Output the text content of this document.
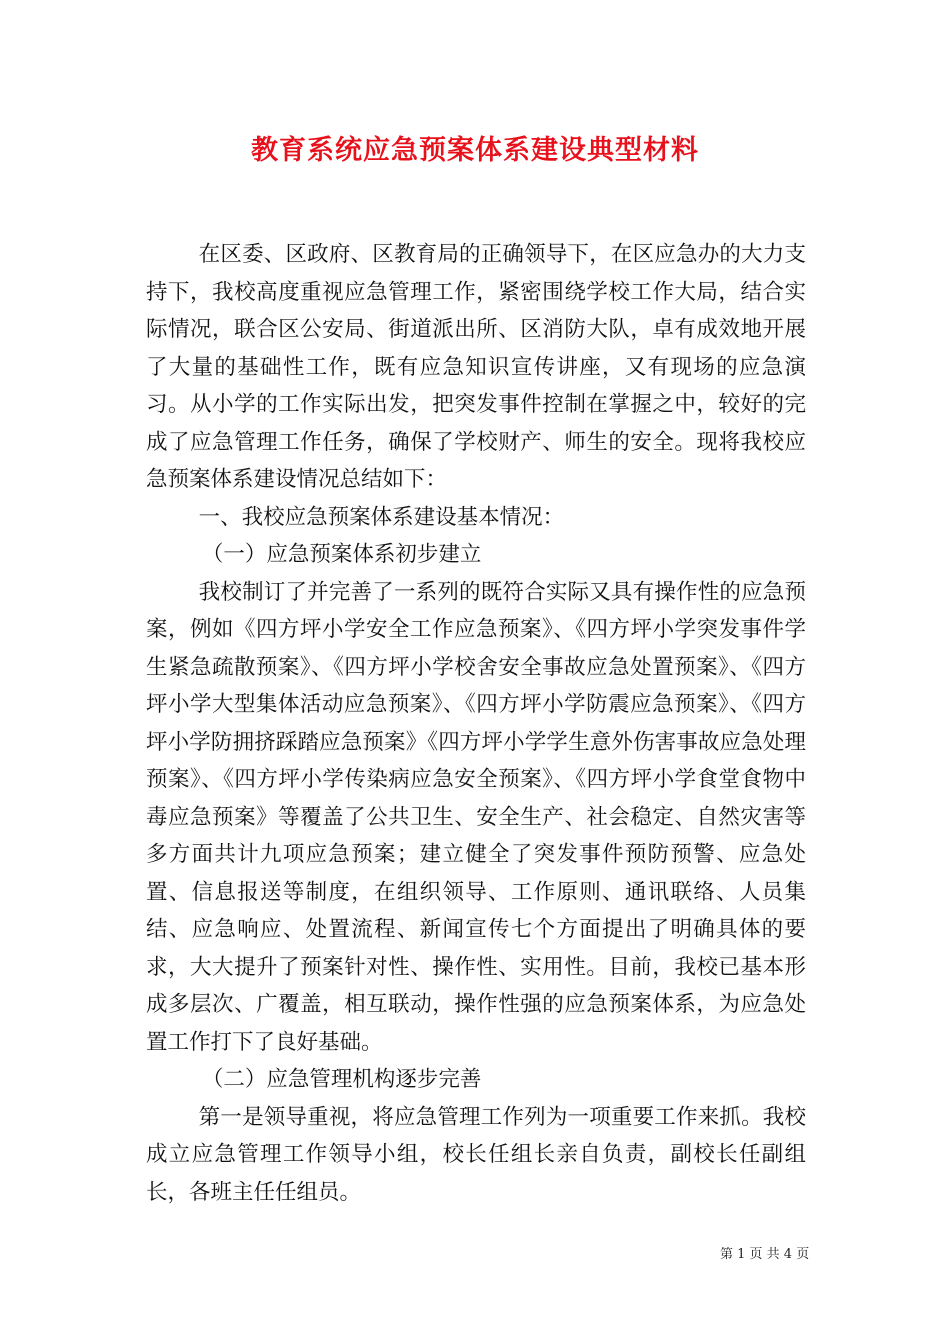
教育系统应急预案体系建设典型材料

在区委、区政府、区教育局的正确领导下，在区应急办的大力支持下，我校高度重视应急管理工作，紧密围绕学校工作大局，结合实际情况，联合区公安局、街道派出所、区消防大队，卓有成效地开展了大量的基础性工作，既有应急知识宣传讲座，又有现场的应急演习。从小学的工作实际出发，把突发事件控制在掌握之中，较好的完成了应急管理工作任务，确保了学校财产、师生的安全。现将我校应急预案体系建设情况总结如下：

一、我校应急预案体系建设基本情况：

（一）应急预案体系初步建立

我校制订了并完善了一系列的既符合实际又具有操作性的应急预案，例如《四方坪小学安全工作应急预案》、《四方坪小学突发事件学生紧急疏散预案》、《四方坪小学校舍安全事故应急处置预案》、《四方坪小学大型集体活动应急预案》、《四方坪小学防震应急预案》、《四方坪小学防拥挤踩踏应急预案》《四方坪小学学生意外伤害事故应急处理预案》、《四方坪小学传染病应急安全预案》、《四方坪小学食堂食物中毒应急预案》等覆盖了公共卫生、安全生产、社会稳定、自然灾害等多方面共计九项应急预案；建立健全了突发事件预防预警、应急处置、信息报送等制度，在组织领导、工作原则、通讯联络、人员集结、应急响应、处置流程、新闻宣传七个方面提出了明确具体的要求，大大提升了预案针对性、操作性、实用性。目前，我校已基本形成多层次、广覆盖，相互联动，操作性强的应急预案体系，为应急处置工作打下了良好基础。

（二）应急管理机构逐步完善

第一是领导重视，将应急管理工作列为一项重要工作来抓。我校成立应急管理工作领导小组，校长任组长亲自负责，副校长任副组长，各班主任任组员。

第 1 页 共 4 页
